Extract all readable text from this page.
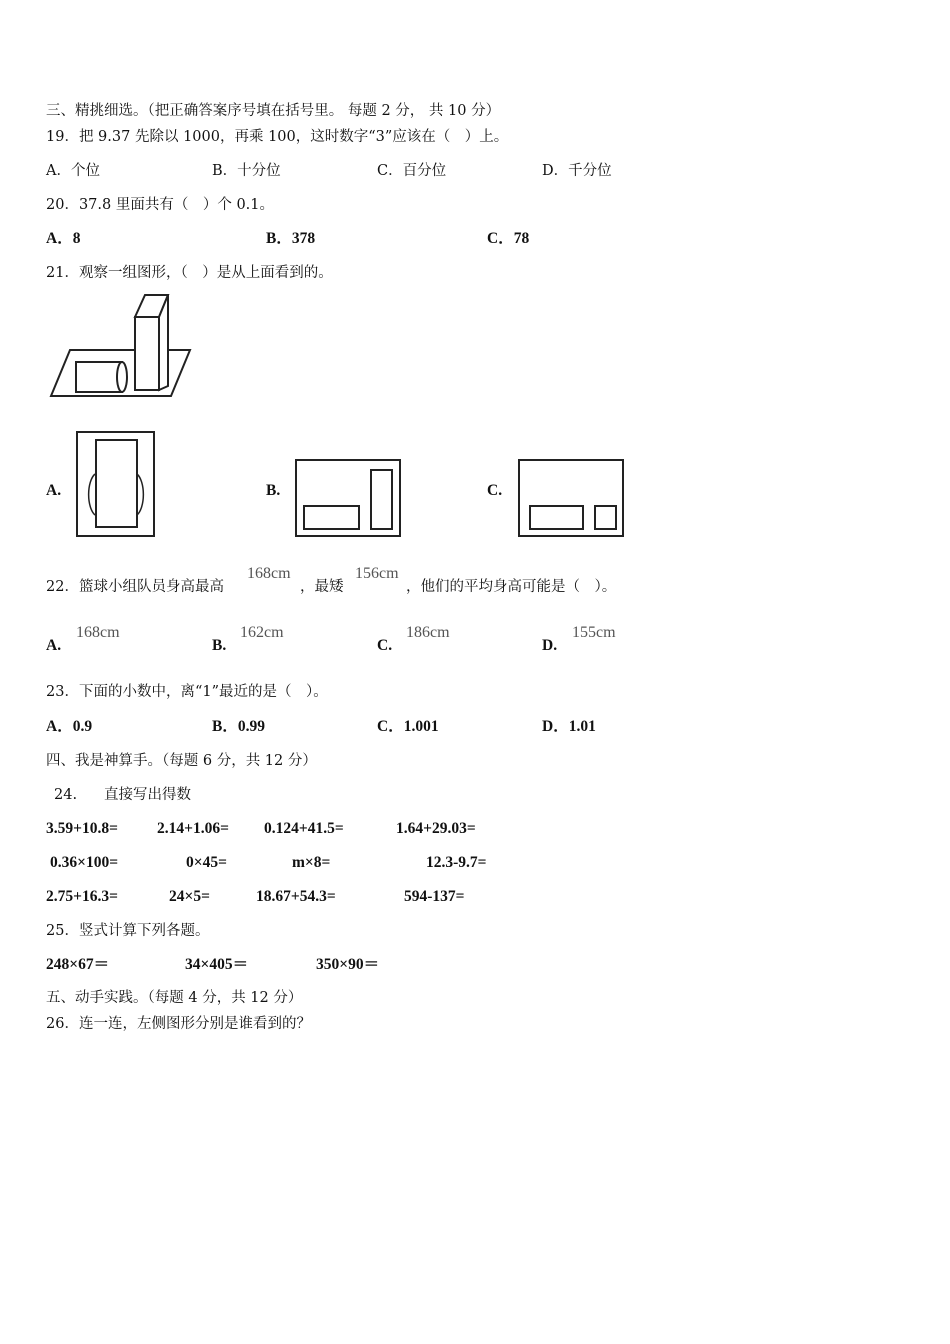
三、精挑细选。（把正确答案序号填在括号里。 每题 2 分， 共 10 分）
19．把 9.37 先除以 1000，再乘 100，这时数字“3”应该在（　）上。
A．个位	B．十分位	C．百分位	D．千分位
20．37.8 里面共有（　）个 0.1。
A．8	B．378	C．78
21．观察一组图形，（　）是从上面看到的。
A.	B.	C.
22．篮球小组队员身高最高
168cm
，最矮
156cm
，他们的平均身高可能是（　）。
A.
168cm
B.
162cm
C.
186cm
D.
155cm
23．下面的小数中，离“1”最近的是（　）。
A．0.9	B．0.99	C．1.001	D．1.01
四、我是神算手。（每题 6 分，共 12 分）
24. 直接写出得数
3.59+10.8=	2.14+1.06= 0.124+41.5=	1.64+29.03=
0.36×100=	0×45=	m×8=	12.3-9.7=
2.75+16.3=	24×5=	18.67+54.3=	594-137=
25．竖式计算下列各题。
248×67＝	34×405＝	350×90＝
五、动手实践。（每题 4 分，共 12 分）
26．连一连，左侧图形分别是谁看到的？
